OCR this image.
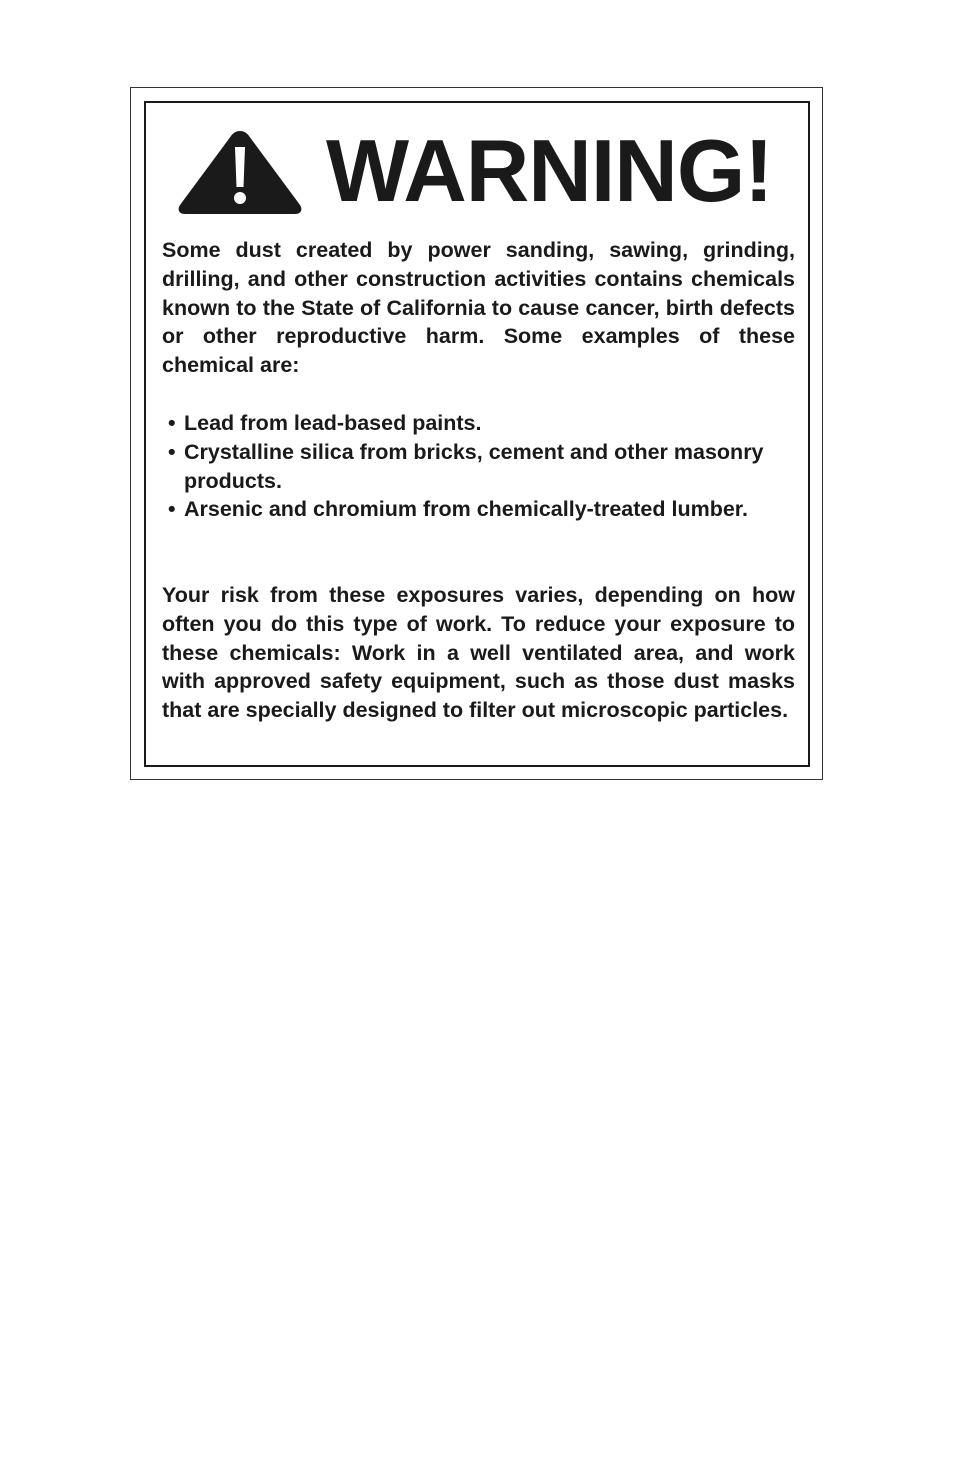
WARNING!

Some dust created by power sanding, sawing, grinding, drilling, and other construction activities contains chemicals known to the State of California to cause cancer, birth defects or other reproductive harm. Some examples of these chemical are:

• Lead from lead-based paints.
• Crystalline silica from bricks, cement and other masonry products.
• Arsenic and chromium from chemically-treated lumber.

Your risk from these exposures varies, depending on how often you do this type of work. To reduce your exposure to these chemicals: Work in a well ventilated area, and work with approved safety equipment, such as those dust masks that are specially designed to filter out microscopic particles.
